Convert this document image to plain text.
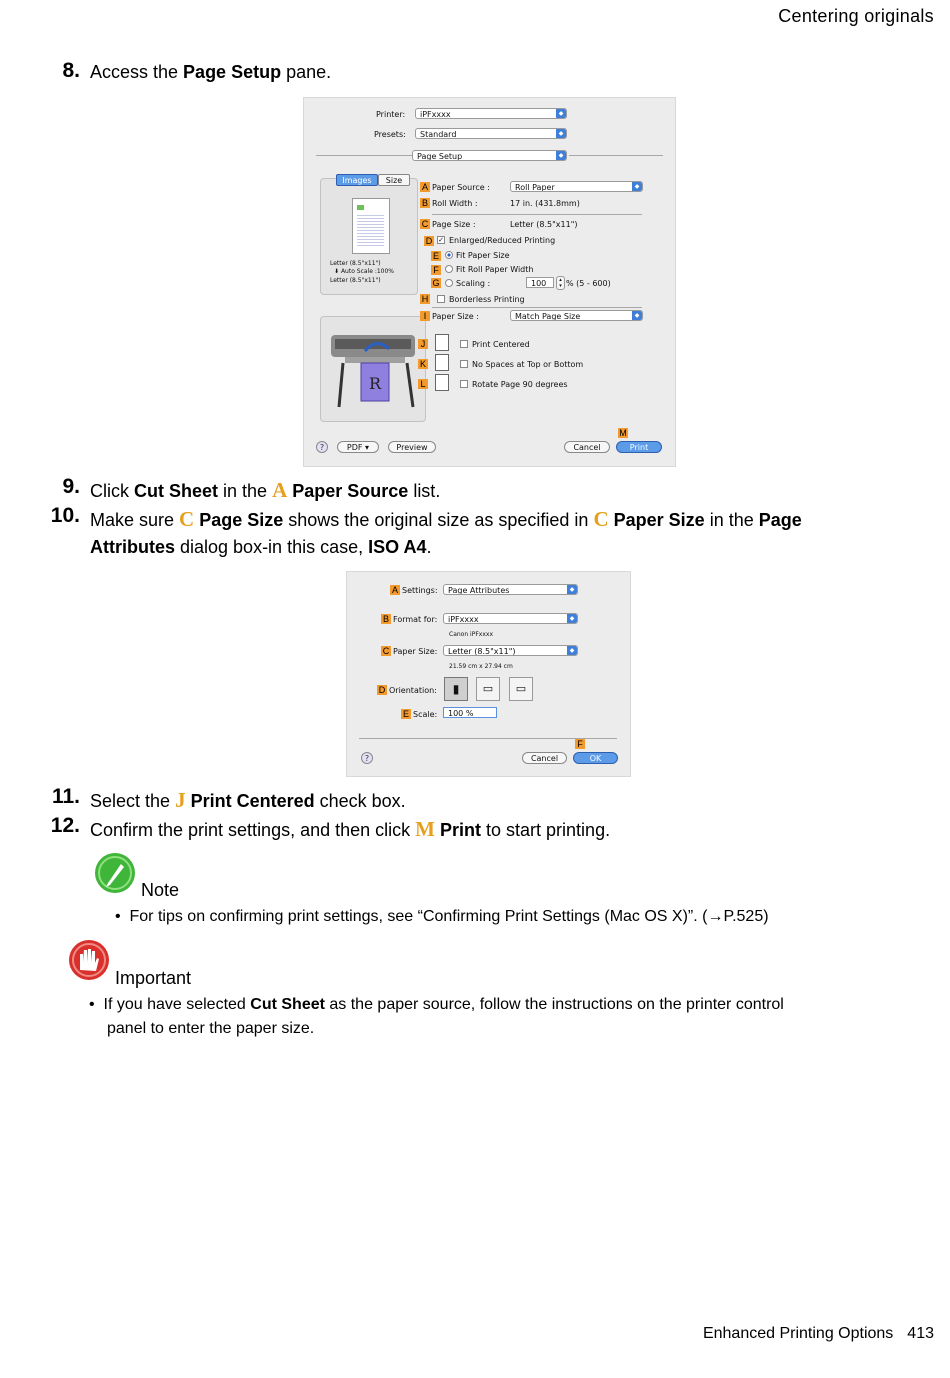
Centering originals
8. Access the Page Setup pane.
Printer:	iPFxxxx	◆
Presets:	Standard	◆
Page Setup	◆
Images	Size
Letter (8.5"x11")
⬇ Auto Scale :100%
Letter (8.5"x11")
R
A Paper Source :	Roll Paper	◆
B Roll Width :	17 in. (431.8mm)
C Page Size :	Letter (8.5"x11")
D ✓ Enlarged/Reduced Printing
E Fit Paper Size
F Fit Roll Paper Width
G Scaling :	100	▴
▾ % (5 - 600)
H	Borderless Printing
I Paper Size :	Match Page Size	◆
J	Print Centered
K	No Spaces at Top or Bottom
L	Rotate Page 90 degrees
?	PDF ▾	Preview	Cancel
M
Print
9. Click Cut Sheet in the A Paper Source list.
10. Make sure C Page Size shows the original size as specified in C Paper Size in the Page
Attributes dialog box-in this case, ISO A4.
A Settings:	Page Attributes	◆
B Format for:	iPFxxxx	◆
Canon iPFxxxx
C Paper Size:	Letter (8.5"x11")	◆
21.59 cm x 27.94 cm
D Orientation:	▮	▭	▭
E Scale:	100 %
?	Cancel
F
OK
11. Select the J Print Centered check box.
12. Confirm the print settings, and then click M Print to start printing.
Note
•  For tips on confirming print settings, see “Confirming Print Settings (Mac OS X)”. (→P.525)
Important
•  If you have selected Cut Sheet as the paper source, follow the instructions on the printer control
panel to enter the paper size.
Enhanced Printing Options 413
